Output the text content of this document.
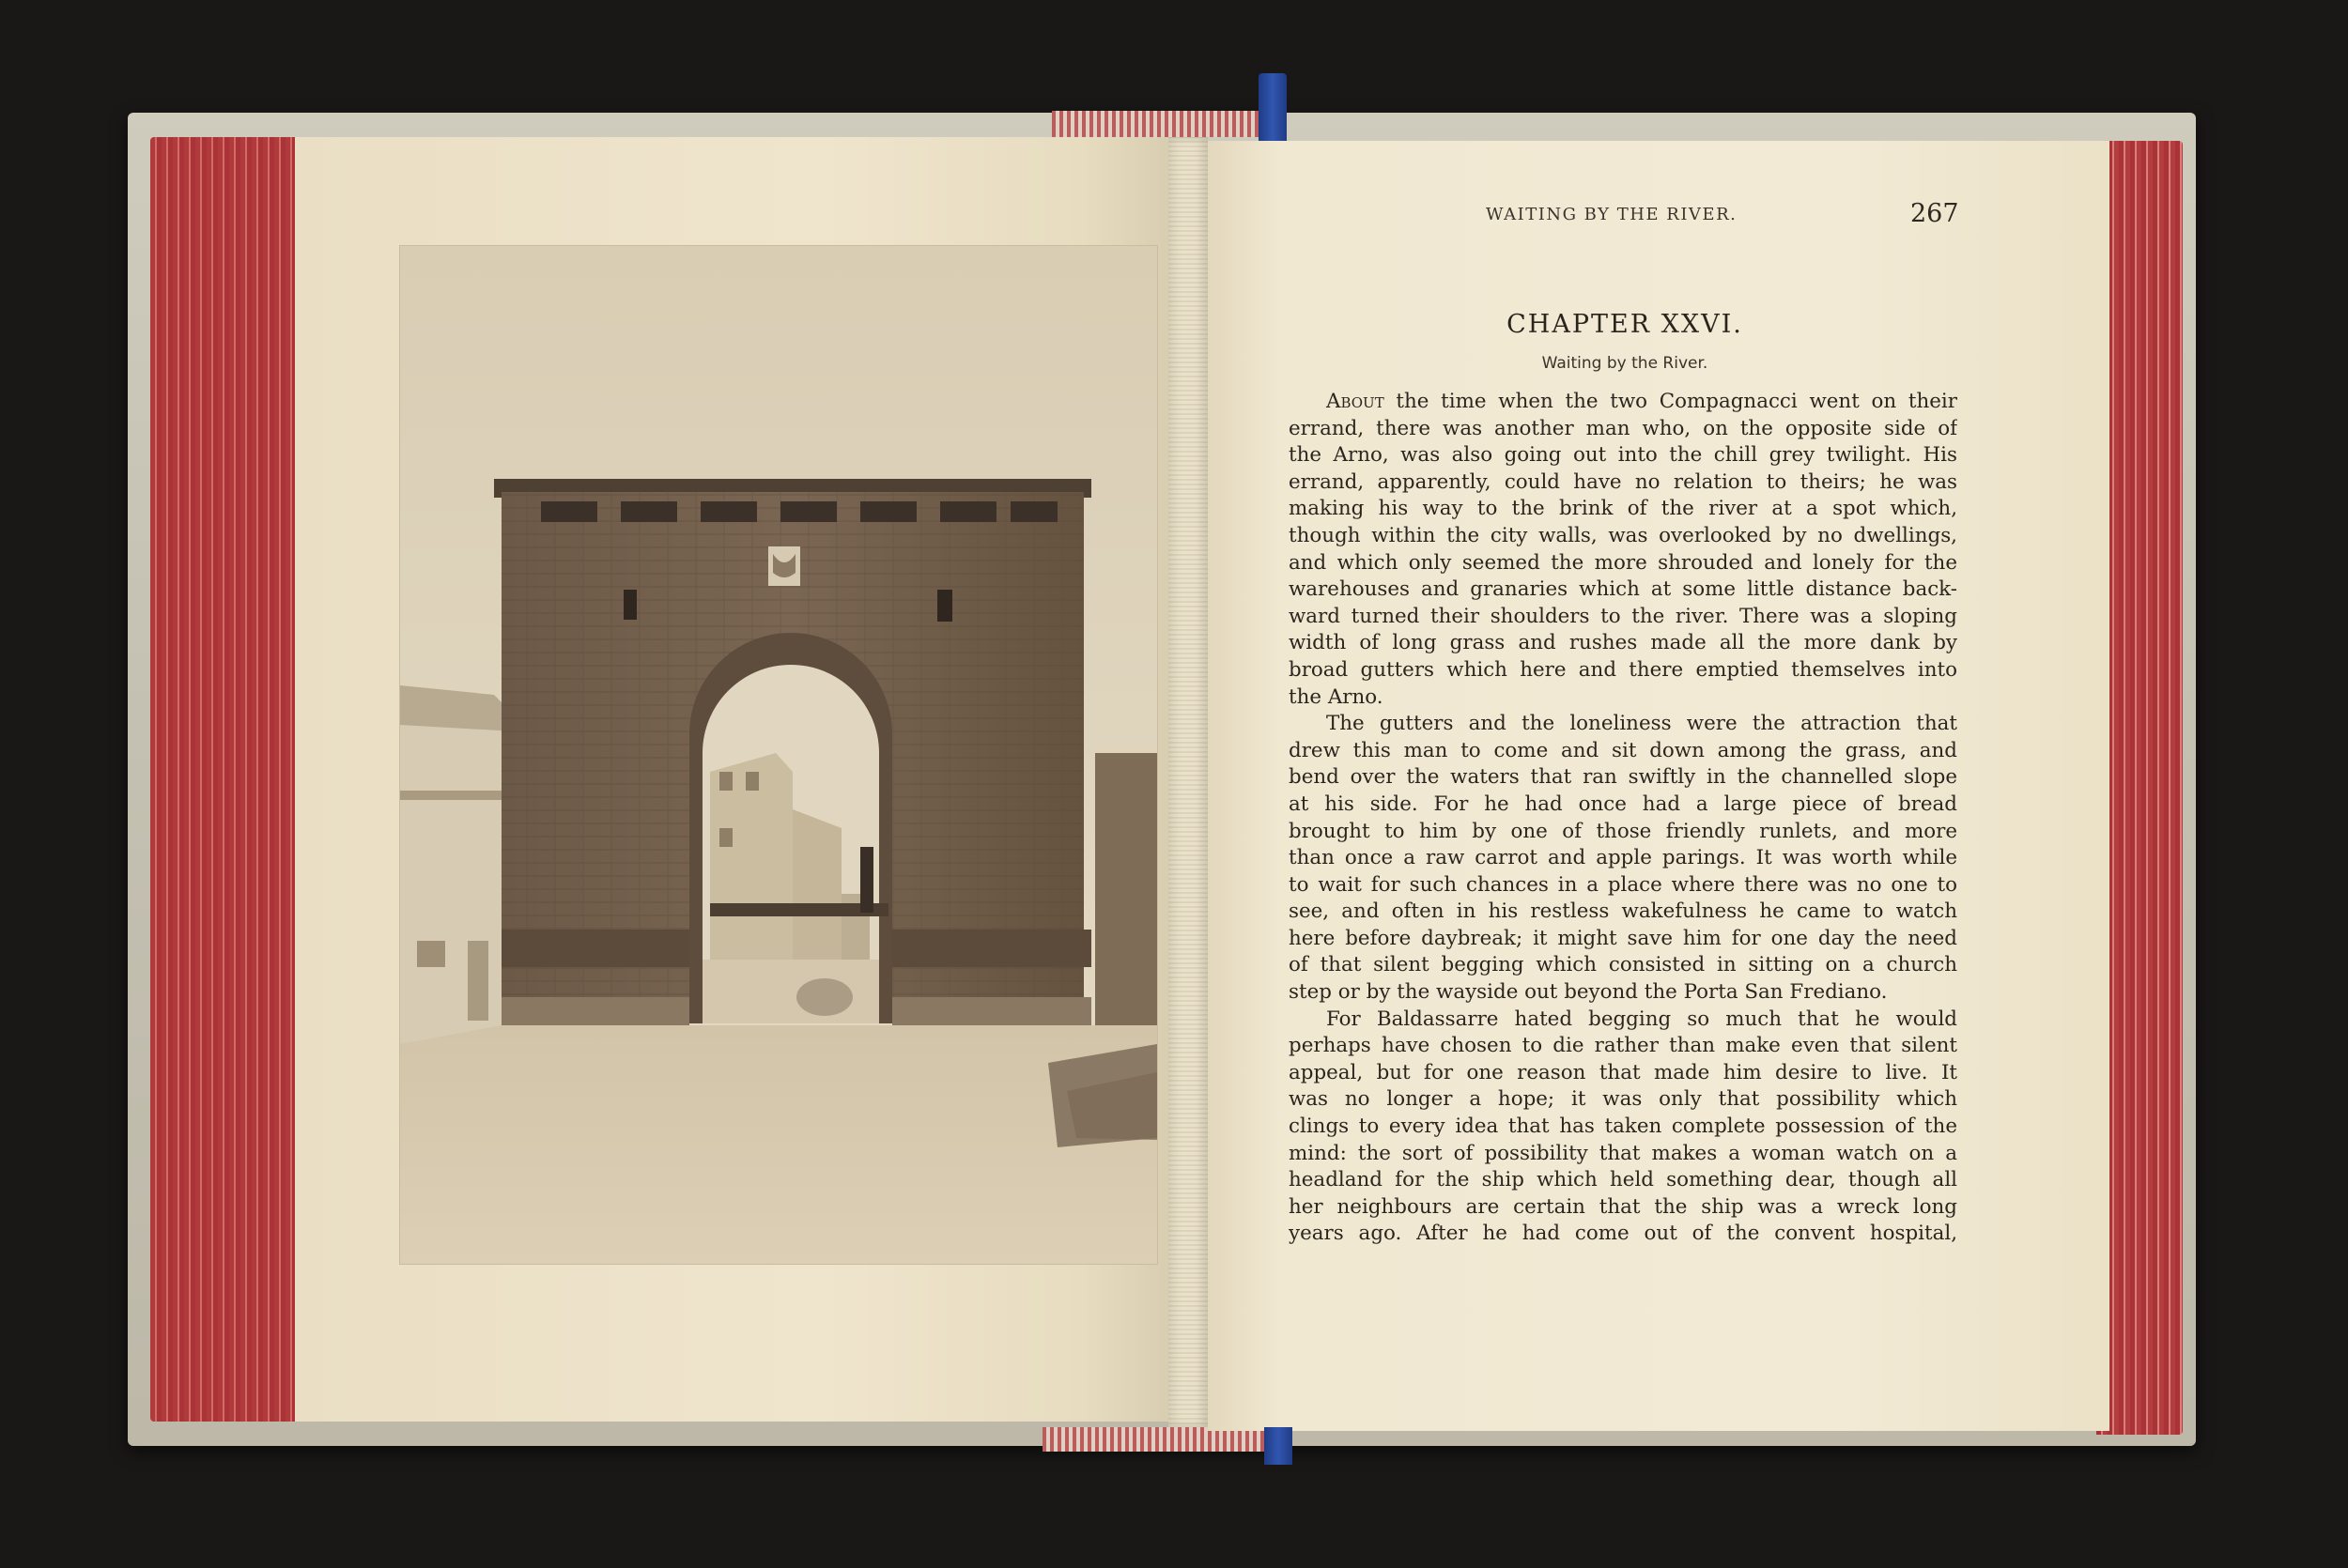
WAITING BY THE RIVER.	267
CHAPTER XXVI.
Waiting by the River.
About the time when the two Compagnacci went on their
errand, there was another man who, on the opposite side of
the Arno, was also going out into the chill grey twilight. His
errand, apparently, could have no relation to theirs; he was
making his way to the brink of the river at a spot which,
though within the city walls, was overlooked by no dwellings,
and which only seemed the more shrouded and lonely for the
warehouses and granaries which at some little distance back-
ward turned their shoulders to the river. There was a sloping
width of long grass and rushes made all the more dank by
broad gutters which here and there emptied themselves into
the Arno.
The gutters and the loneliness were the attraction that
drew this man to come and sit down among the grass, and
bend over the waters that ran swiftly in the channelled slope
at his side. For he had once had a large piece of bread
brought to him by one of those friendly runlets, and more
than once a raw carrot and apple parings. It was worth while
to wait for such chances in a place where there was no one to
see, and often in his restless wakefulness he came to watch
here before daybreak; it might save him for one day the need
of that silent begging which consisted in sitting on a church
step or by the wayside out beyond the Porta San Frediano.
For Baldassarre hated begging so much that he would
perhaps have chosen to die rather than make even that silent
appeal, but for one reason that made him desire to live. It
was no longer a hope; it was only that possibility which
clings to every idea that has taken complete possession of the
mind: the sort of possibility that makes a woman watch on a
headland for the ship which held something dear, though all
her neighbours are certain that the ship was a wreck long
years ago. After he had come out of the convent hospital,
